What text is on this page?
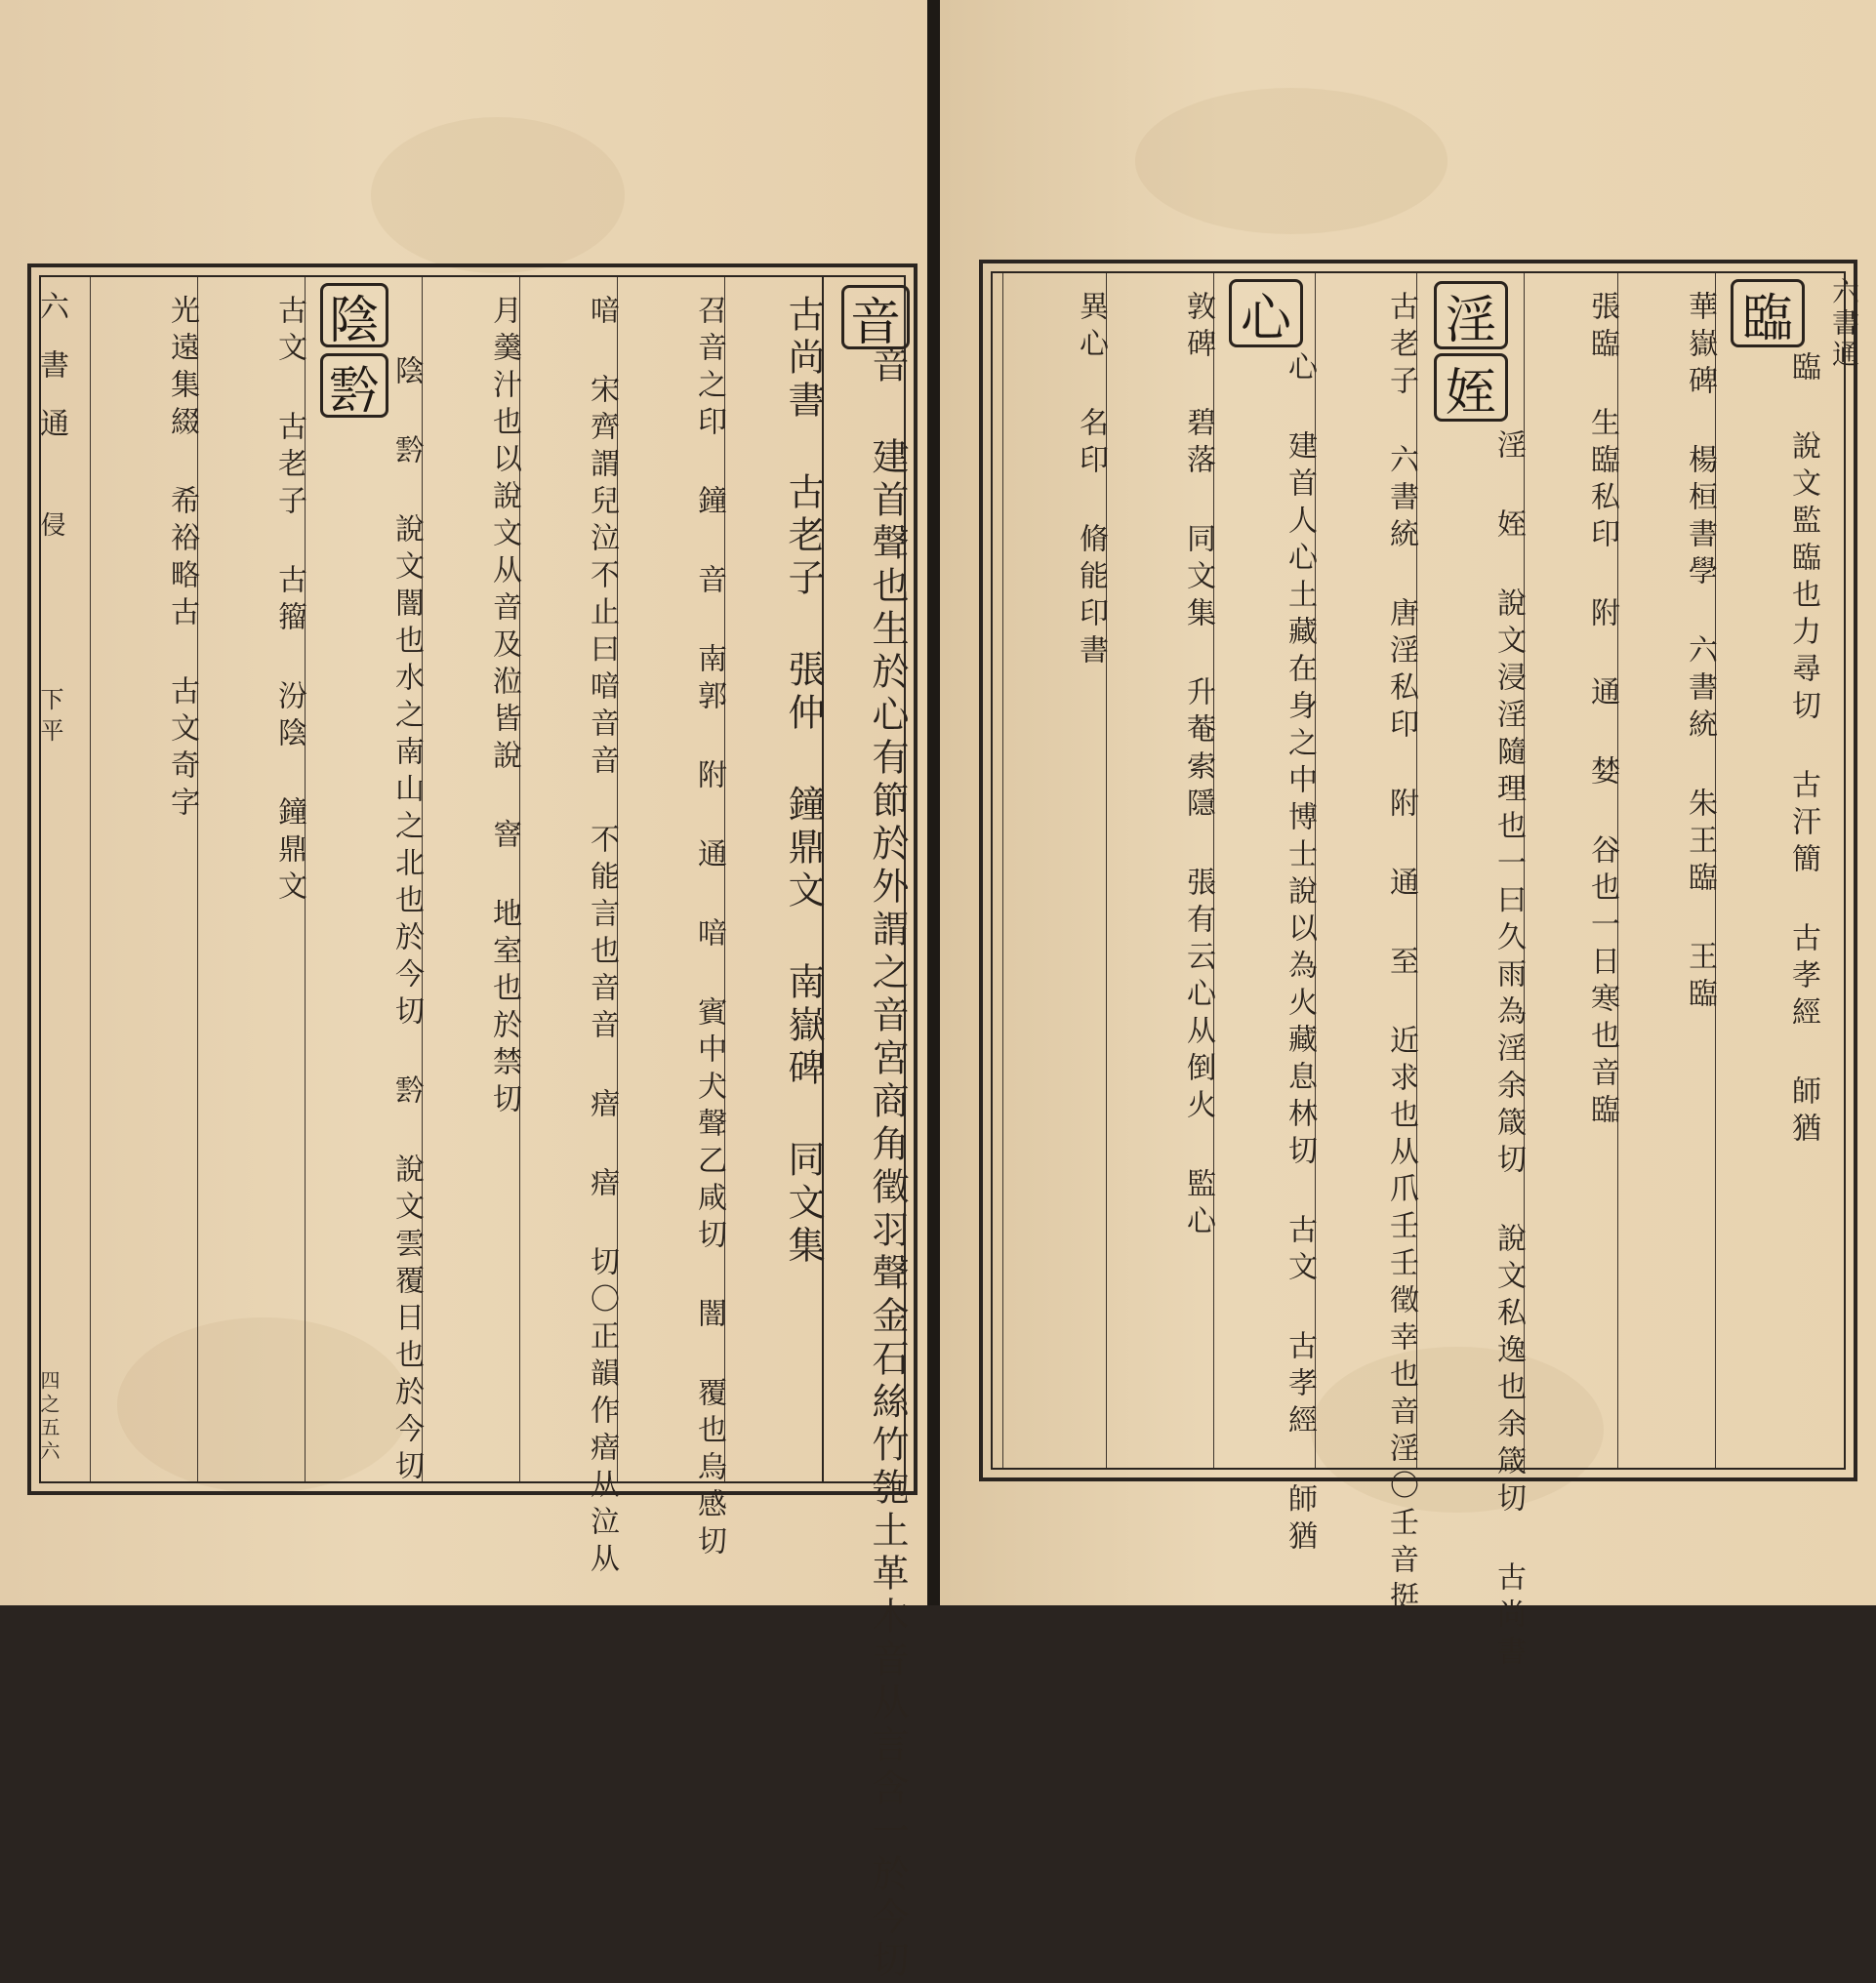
六書通
侵
下平
四之五六	音 建首聲也生於心有節於外謂之音宮商角徵羽聲金石絲竹匏土革木音从言含一於今切
音
古尚書 古老子 張仲 鐘鼎文 南嶽碑 同文集
召音之印 鐘 音 南郭 附 通 喑 賓中犬聲乙咸切 闇 覆也烏感切
喑 宋齊謂兒泣不止曰喑音音 不能言也音音 瘖 瘖 切〇正韻作瘖从泣从
月羹汁也以說文从音及涖皆說 窨 地室也於禁切
陰 霒 說文闇也水之南山之北也於今切 霒 說文雲覆日也於今切
陰
霒
古文 古老子 古籀 汾陰 鐘鼎文
光遠集綴 希裕略古 古文奇字	六書通
臨 說文監臨也力尋切 古汗簡 古孝經 師猶
臨
華嶽碑 楊桓書學 六書統 朱王臨 王臨
張臨 生臨私印 附 通 婪 谷也一日寒也音臨
淫 姪 說文浸淫隨理也一曰久雨為淫余箴切 說文私逸也余箴切 古尚書
淫
姪
古老子 六書統 唐淫私印 附 通 至 近求也从爪壬壬徵幸也音淫〇壬音挺
心 建首人心土藏在身之中博士說以為火藏息林切 古文 古孝經 師猶
心
敦碑 碧落 同文集 升菴索隱 張有云心从倒火 監心
異心 名印 脩能印書
